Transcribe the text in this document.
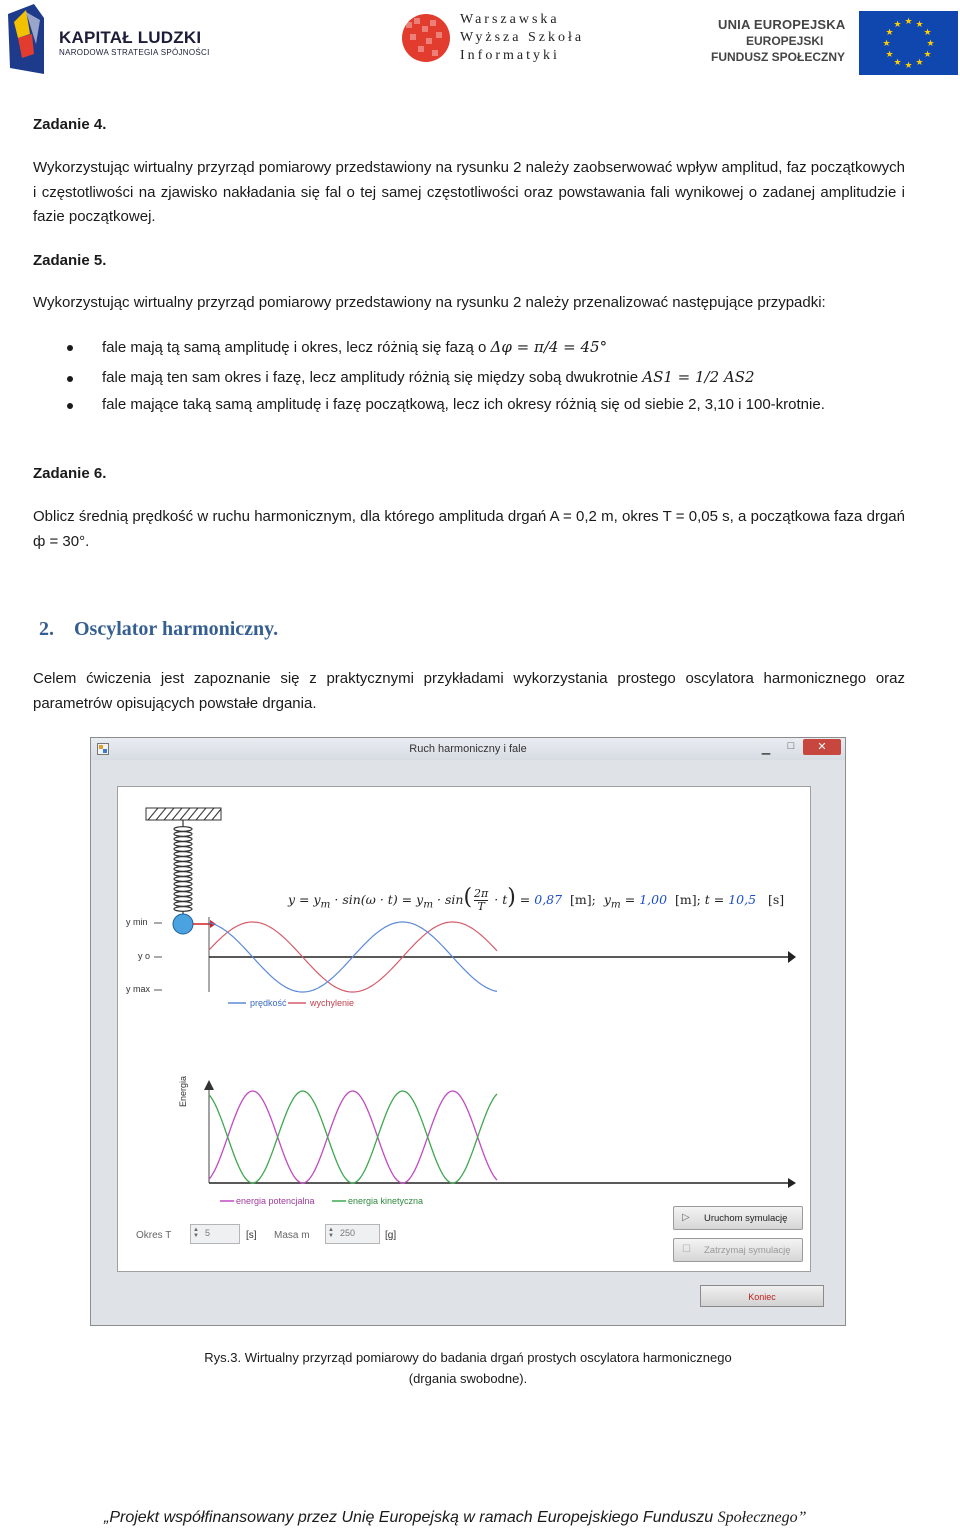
KAPITAŁ LUDZKI
NARODOWA STRATEGIA SPÓJNOŚCI
Warszawska
Wyższa Szkoła
Informatyki
UNIA EUROPEJSKA
EUROPEJSKI
FUNDUSZ SPOŁECZNY
★ ★
★
★
★
★
★
★
★
★
★
★
Zadanie 4.
Wykorzystując wirtualny przyrząd pomiarowy przedstawiony na rysunku 2 należy zaobserwować wpływ amplitud, faz początkowych i częstotliwości na zjawisko nakładania się fal o tej samej częstotliwości oraz powstawania fali wynikowej o zadanej amplitudzie i fazie początkowej.
Zadanie 5.
Wykorzystując wirtualny przyrząd pomiarowy przedstawiony na rysunku 2 należy przenalizować następujące przypadki:
fale mają tą samą amplitudę i okres, lecz różnią się fazą o Δφ = π/4 = 45°
fale mają ten sam okres i fazę, lecz amplitudy różnią się między sobą dwukrotnie AS1 = 1/2 AS2
fale mające taką samą amplitudę i fazę początkową, lecz ich okresy różnią się od siebie 2, 3,10 i 100-krotnie.
Zadanie 6.
Oblicz średnią prędkość w ruchu harmonicznym, dla którego amplituda drgań A = 0,2 m, okres T = 0,05 s, a początkowa faza drgań ф = 30°.
2. Oscylator harmoniczny.
Celem ćwiczenia jest zapoznanie się z praktycznymi przykładami wykorzystania prostego oscylatora harmonicznego oraz parametrów opisujących powstałe drgania.
Ruch harmoniczny i fale	▁	□	✕
$y = y_m \cdot \sin(\omega \cdot t) = y_m \cdot \sin( \frac{2\pi}{T} \cdot t) = 0,87$ [m];  $y_m = 1,00$ [m]; t = 10,5 [s]
y min
y o
y max
prędkość	wychylenie
Energia
energia potencjalna	energia kinetyczna
Okres T	▲
▼ 5	[s] Masa m	▲
▼ 250	[g]
▷ Uruchom symulację
☐ Zatrzymaj symulację
Koniec
Rys.3. Wirtualny przyrząd pomiarowy do badania drgań prostych oscylatora harmonicznego
(drgania swobodne).
„Projekt współfinansowany przez Unię Europejską w ramach Europejskiego Funduszu Społecznego”
